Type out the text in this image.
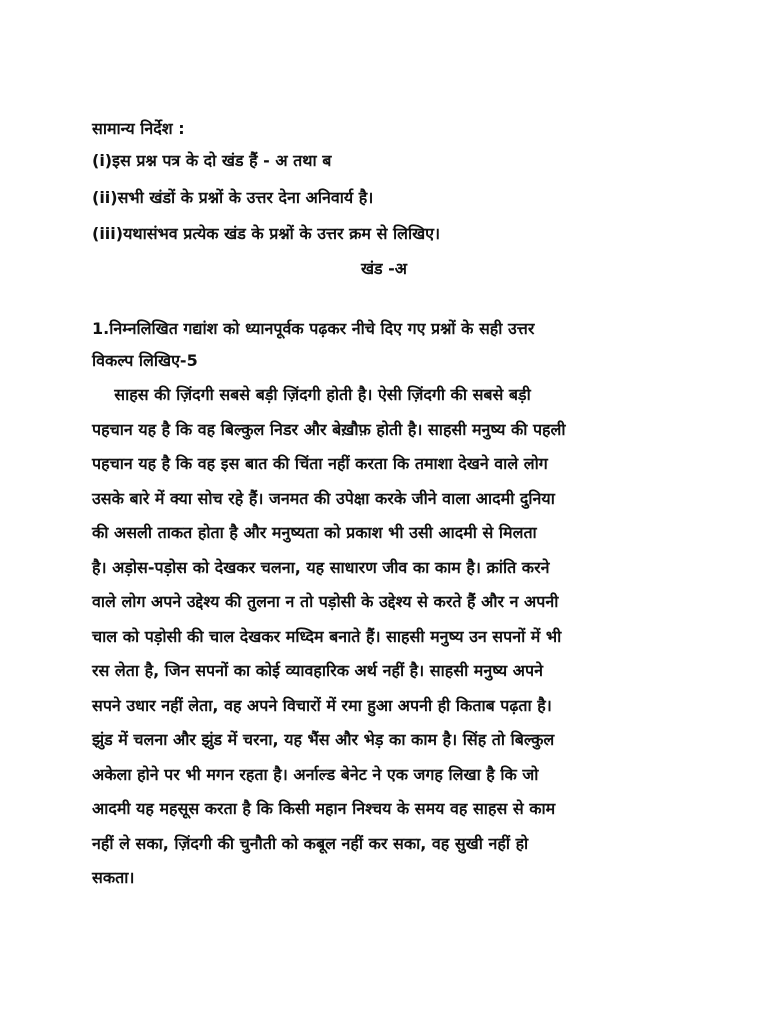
सामान्य निर्देश :
(i)इस प्रश्न पत्र के दो खंड हैं - अ तथा ब
(ii)सभी खंडों के प्रश्नों के उत्तर देना अनिवार्य है।
(iii)यथासंभव प्रत्येक खंड के प्रश्नों के उत्तर क्रम से लिखिए।
खंड -अ
1.निम्नलिखित गद्यांश को ध्यानपूर्वक पढ़कर नीचे दिए गए प्रश्नों के सही उत्तर
विकल्प लिखिए-5
साहस की ज़िंदगी सबसे बड़ी ज़िंदगी होती है। ऐसी ज़िंदगी की सबसे बड़ी
पहचान यह है कि वह बिल्कुल निडर और बेख़ौफ़ होती है। साहसी मनुष्य की पहली
पहचान यह है कि वह इस बात की चिंता नहीं करता कि तमाशा देखने वाले लोग
उसके बारे में क्या सोच रहे हैं। जनमत की उपेक्षा करके जीने वाला आदमी दुनिया
की असली ताकत होता है और मनुष्यता को प्रकाश भी उसी आदमी से मिलता
है। अड़ोस-पड़ोस को देखकर चलना, यह साधारण जीव का काम है। क्रांति करने
वाले लोग अपने उद्देश्य की तुलना न तो पड़ोसी के उद्देश्य से करते हैं और न अपनी
चाल को पड़ोसी की चाल देखकर मध्दिम बनाते हैं। साहसी मनुष्य उन सपनों में भी
रस लेता है, जिन सपनों का कोई व्यावहारिक अर्थ नहीं है। साहसी मनुष्य अपने
सपने उधार नहीं लेता, वह अपने विचारों में रमा हुआ अपनी ही किताब पढ़ता है।
झुंड में चलना और झुंड में चरना, यह भैंस और भेड़ का काम है। सिंह तो बिल्कुल
अकेला होने पर भी मगन रहता है। अर्नाल्ड बेनेट ने एक जगह लिखा है कि जो
आदमी यह महसूस करता है कि किसी महान निश्चय के समय वह साहस से काम
नहीं ले सका, ज़िंदगी की चुनौती को कबूल नहीं कर सका, वह सुखी नहीं हो
सकता।
